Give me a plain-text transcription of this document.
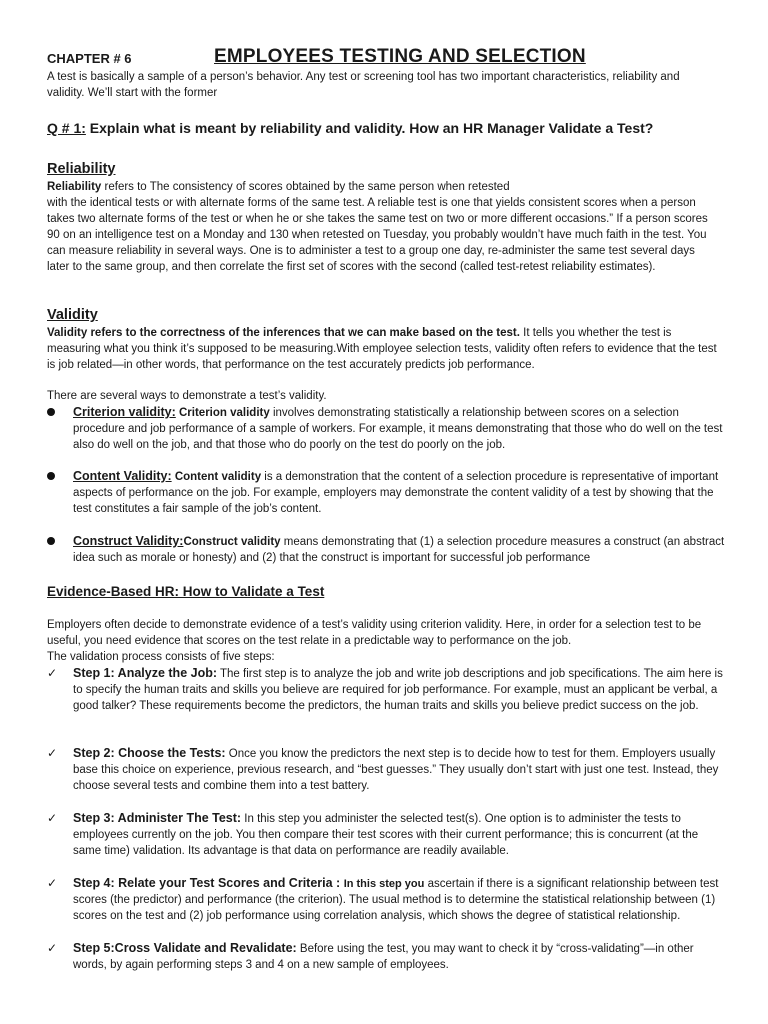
CHAPTER # 6	EMPLOYEES TESTING AND SELECTION

A test is basically a sample of a person’s behavior. Any test or screening tool has two important characteristics, reliability and validity. We’ll start with the former

Q # 1: Explain what is meant by reliability and validity. How an HR Manager Validate a Test?

Reliability

Reliability refers to The consistency of scores obtained by the same person when retested

with the identical tests or with alternate forms of the same test. A reliable test is one that yields consistent scores when a person takes two alternate forms of the test or when he or she takes the same test on two or more different occasions.” If a person scores 90 on an intelligence test on a Monday and 130 when retested on Tuesday, you probably wouldn’t have much faith in the test. You can measure reliability in several ways. One is to administer a test to a group one day, re-administer the same test several days later to the same group, and then correlate the first set of scores with the second (called test-retest reliability estimates).

Validity

Validity refers to the correctness of the inferences that we can make based on the test. It tells you whether the test is measuring what you think it’s supposed to be measuring.With employee selection tests, validity often refers to evidence that the test is job related—in other words, that performance on the test accurately predicts job performance.

There are several ways to demonstrate a test’s validity.

Criterion validity: Criterion validity involves demonstrating statistically a relationship between scores on a selection procedure and job performance of a sample of workers. For example, it means demonstrating that those who do well on the test also do well on the job, and that those who do poorly on the test do poorly on the job.
Content Validity: Content validity is a demonstration that the content of a selection procedure is representative of important aspects of performance on the job. For example, employers may demonstrate the content validity of a test by showing that the test constitutes a fair sample of the job’s content.
Construct Validity:Construct validity means demonstrating that (1) a selection procedure measures a construct (an abstract idea such as morale or honesty) and (2) that the construct is important for successful job performance

Evidence-Based HR: How to Validate a Test

Employers often decide to demonstrate evidence of a test’s validity using criterion validity. Here, in order for a selection test to be useful, you need evidence that scores on the test relate in a predictable way to performance on the job.

The validation process consists of five steps:

✓ Step 1: Analyze the Job: The first step is to analyze the job and write job descriptions and job specifications. The aim here is to specify the human traits and skills you believe are required for job performance. For example, must an applicant be verbal, a good talker? These requirements become the predictors, the human traits and skills you believe predict success on the job.
✓ Step 2: Choose the Tests: Once you know the predictors the next step is to decide how to test for them. Employers usually base this choice on experience, previous research, and “best guesses.” They usually don’t start with just one test. Instead, they choose several tests and combine them into a test battery.
✓ Step 3: Administer The Test: In this step you administer the selected test(s). One option is to administer the tests to employees currently on the job. You then compare their test scores with their current performance; this is concurrent (at the same time) validation. Its advantage is that data on performance are readily available.
✓ Step 4: Relate your Test Scores and Criteria : In this step you ascertain if there is a significant relationship between test scores (the predictor) and performance (the criterion). The usual method is to determine the statistical relationship between (1) scores on the test and (2) job performance using correlation analysis, which shows the degree of statistical relationship.
✓ Step 5:Cross Validate and Revalidate: Before using the test, you may want to check it by “cross-validating”—in other words, by again performing steps 3 and 4 on a new sample of employees.
